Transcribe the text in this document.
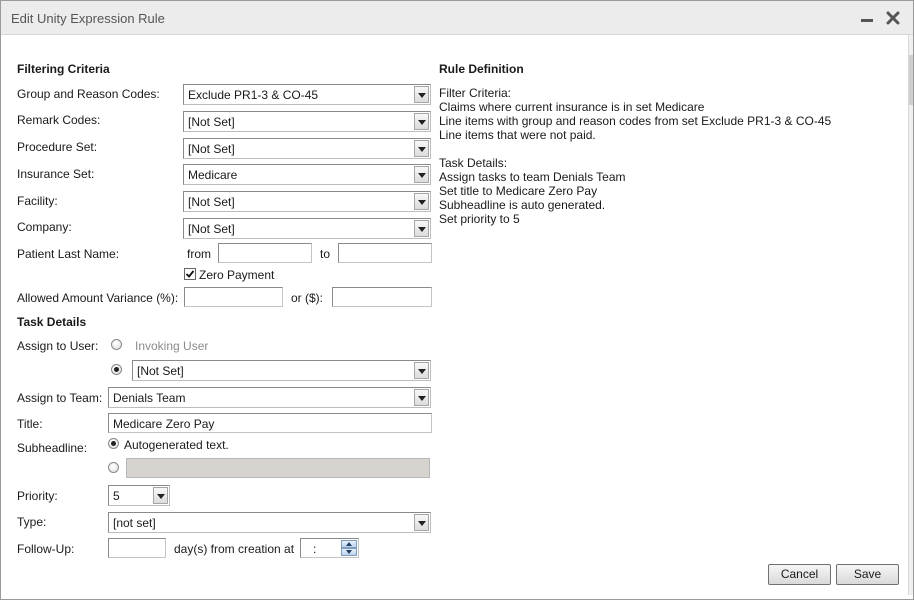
Edit Unity Expression Rule
Filtering Criteria
Group and Reason Codes: Exclude PR1-3 & CO-45
Remark Codes:	[Not Set]
Procedure Set:	[Not Set]
Insurance Set:	Medicare
Facility:	[Not Set]
Company:	[Not Set]
Patient Last Name:	from	to
Zero Payment
Allowed Amount Variance (%):	or ($):
Task Details
Assign to User:	Invoking User
[Not Set]
Assign to Team: Denials Team
Title:	Medicare Zero Pay
Subheadline:	Autogenerated text.
Priority:	5
Type:	[not set]
Follow-Up:	day(s) from creation at :
Rule Definition
Filter Criteria:
Claims where current insurance is in set Medicare
Line items with group and reason codes from set Exclude PR1-3 & CO-45
Line items that were not paid.
Task Details:
Assign tasks to team Denials Team
Set title to Medicare Zero Pay
Subheadline is auto generated.
Set priority to 5
Cancel	Save
